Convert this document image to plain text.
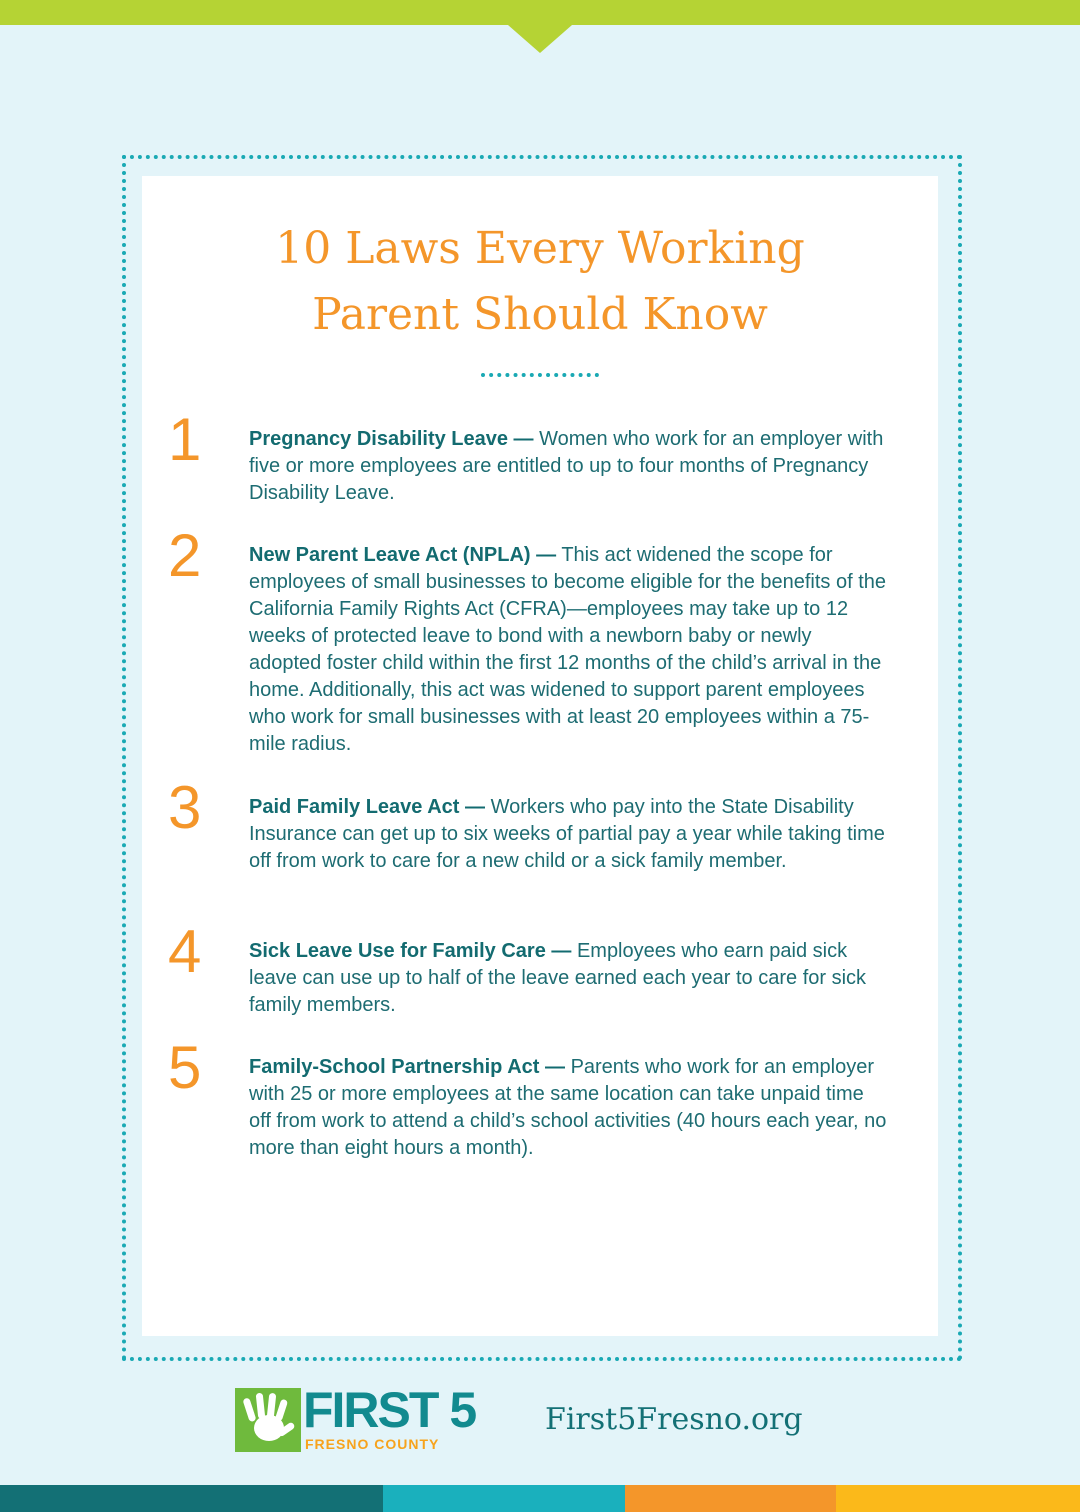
10 Laws Every Working
Parent Should Know
1 Pregnancy Disability Leave — Women who work for an employer with five or more employees are entitled to up to four months of Pregnancy Disability Leave.
2 New Parent Leave Act (NPLA) — This act widened the scope for employees of small businesses to become eligible for the benefits of the California Family Rights Act (CFRA)—employees may take up to 12 weeks of protected leave to bond with a newborn baby or newly adopted foster child within the first 12 months of the child’s arrival in the home. Additionally, this act was widened to support parent employees who work for small businesses with at least 20 employees within a 75-mile radius.
3 Paid Family Leave Act — Workers who pay into the State Disability Insurance can get up to six weeks of partial pay a year while taking time off from work to care for a new child or a sick family member.
4 Sick Leave Use for Family Care — Employees who earn paid sick leave can use up to half of the leave earned each year to care for sick family members.
5 Family-School Partnership Act — Parents who work for an employer with 25 or more employees at the same location can take unpaid time off from work to attend a child’s school activities (40 hours each year, no more than eight hours a month).
FIRST 5
FRESNO COUNTY
First5Fresno.org
